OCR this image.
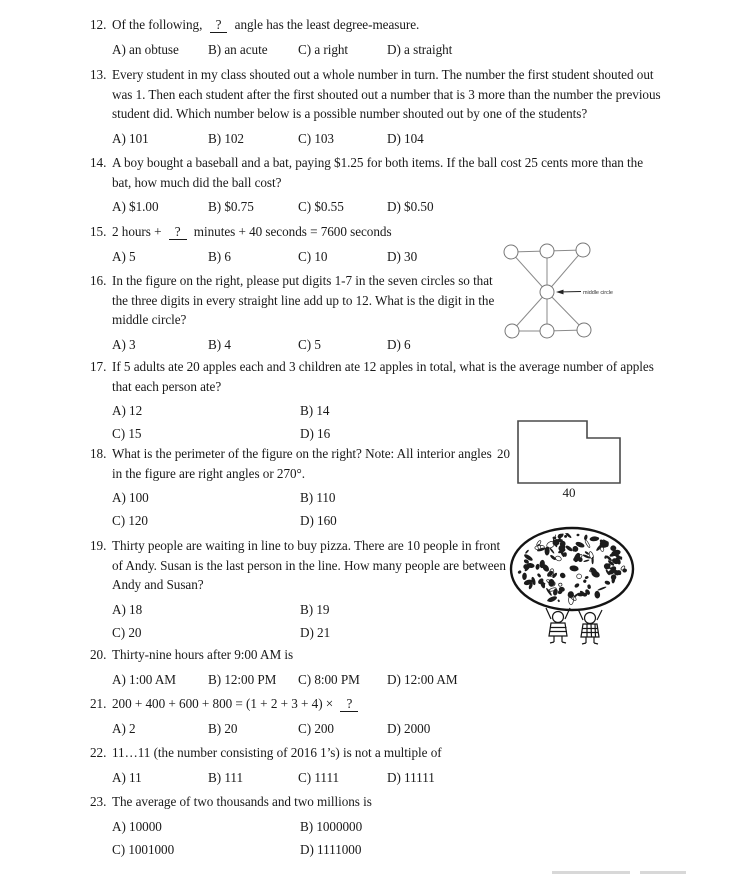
12. Of the following, ? angle has the least degree-measure.
A) an obtuse B) an acute C) a right	D) a straight
13. Every student in my class shouted out a whole number in turn. The number the first student shouted out
was 1. Then each student after the first shouted out a number that is 3 more than the number the previous
student did. Which number below is a possible number shouted out by one of the students?
A) 101	B) 102	C) 103	D) 104
14. A boy bought a baseball and a bat, paying $1.25 for both items. If the ball cost 25 cents more than the
bat, how much did the ball cost?
A) $1.00	B) $0.75	C) $0.55	D) $0.50
15. 2 hours + ? minutes + 40 seconds = 7600 seconds
A) 5	B) 6	C) 10	D) 30
16. In the figure on the right, please put digits 1-7 in the seven circles so that
the three digits in every straight line add up to 12. What is the digit in the
middle circle?
A) 3	B) 4	C) 5	D) 6
17. If 5 adults ate 20 apples each and 3 children ate 12 apples in total, what is the average number of apples
that each person ate?
A) 12	B) 14
C) 15	D) 16
18. What is the perimeter of the figure on the right? Note: All interior angles
in the figure are right angles or 270°.
A) 100	B) 110
C) 120	D) 160
19. Thirty people are waiting in line to buy pizza. There are 10 people in front
of Andy. Susan is the last person in the line. How many people are between
Andy and Susan?
A) 18	B) 19
C) 20	D) 21
20. Thirty-nine hours after 9:00 AM is
A) 1:00 AM B) 12:00 PM C) 8:00 PM D) 12:00 AM
21. 200 + 400 + 600 + 800 = (1 + 2 + 3 + 4) × ?
A) 2	B) 20	C) 200	D) 2000
22. 11…11 (the number consisting of 2016 1’s) is not a multiple of
A) 11	B) 111	C) 1111	D) 11111
23. The average of two thousands and two millions is
A) 10000	B) 1000000
C) 1001000	D) 1111000
middle circle
20
40
